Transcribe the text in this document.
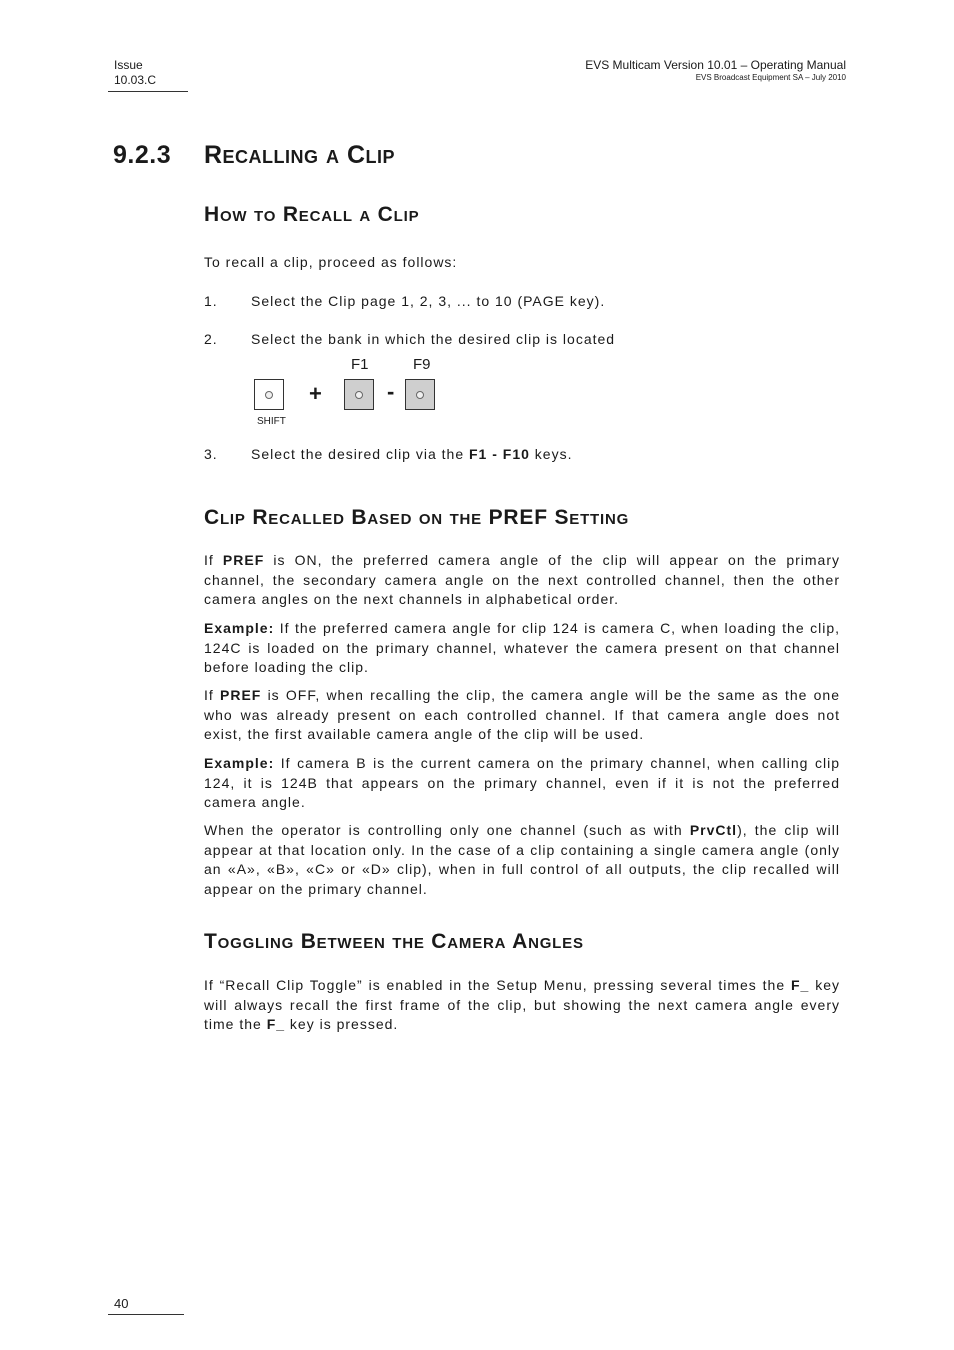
Issue
10.03.C
EVS Multicam Version 10.01 – Operating Manual
EVS Broadcast Equipment SA – July 2010
9.2.3 Recalling a Clip
How to Recall a Clip
To recall a clip, proceed as follows:
1. Select the Clip page 1, 2, 3, ... to 10 (PAGE key).
2. Select the bank in which the desired clip is located
SHIFT
+
F1
-
F9
3. Select the desired clip via the F1 - F10 keys.
Clip Recalled Based on the PREF Setting
If PREF is ON, the preferred camera angle of the clip will appear on the primary channel, the secondary camera angle on the next controlled channel, then the other camera angles on the next channels in alphabetical order.
Example: If the preferred camera angle for clip 124 is camera C, when loading the clip, 124C is loaded on the primary channel, whatever the camera present on that channel before loading the clip.
If PREF is OFF, when recalling the clip, the camera angle will be the same as the one who was already present on each controlled channel. If that camera angle does not exist, the first available camera angle of the clip will be used.
Example: If camera B is the current camera on the primary channel, when calling clip 124, it is 124B that appears on the primary channel, even if it is not the preferred camera angle.
When the operator is controlling only one channel (such as with PrvCtl), the clip will appear at that location only. In the case of a clip containing a single camera angle (only an «A», «B», «C» or «D» clip), when in full control of all outputs, the clip recalled will appear on the primary channel.
Toggling Between the Camera Angles
If “Recall Clip Toggle” is enabled in the Setup Menu, pressing several times the F_ key will always recall the first frame of the clip, but showing the next camera angle every time the F_ key is pressed.
40
